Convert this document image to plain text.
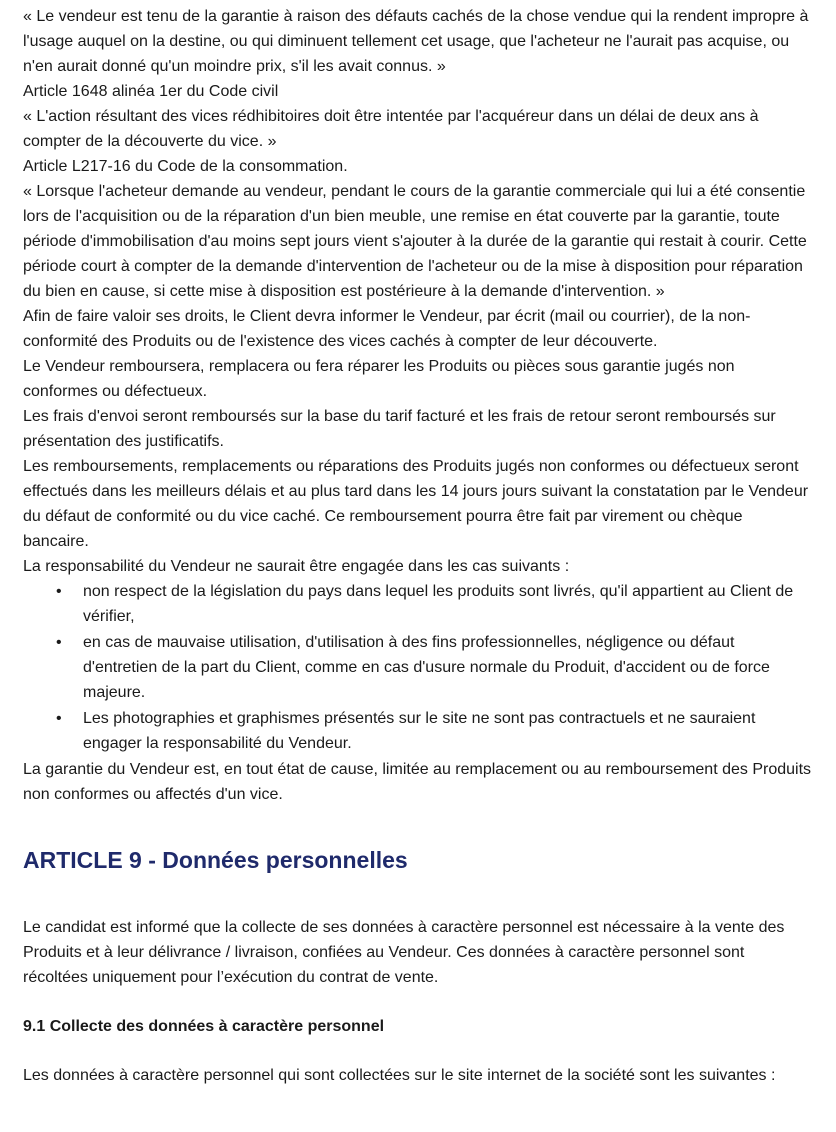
« Le vendeur est tenu de la garantie à raison des défauts cachés de la chose vendue qui la rendent impropre à l'usage auquel on la destine, ou qui diminuent tellement cet usage, que l'acheteur ne l'aurait pas acquise, ou n'en aurait donné qu'un moindre prix, s'il les avait connus. »

Article 1648 alinéa 1er du Code civil

« L'action résultant des vices rédhibitoires doit être intentée par l'acquéreur dans un délai de deux ans à compter de la découverte du vice. »

Article L217-16 du Code de la consommation.

« Lorsque l'acheteur demande au vendeur, pendant le cours de la garantie commerciale qui lui a été consentie lors de l'acquisition ou de la réparation d'un bien meuble, une remise en état couverte par la garantie, toute période d'immobilisation d'au moins sept jours vient s'ajouter à la durée de la garantie qui restait à courir. Cette période court à compter de la demande d'intervention de l'acheteur ou de la mise à disposition pour réparation du bien en cause, si cette mise à disposition est postérieure à la demande d'intervention. »

Afin de faire valoir ses droits, le Client devra informer le Vendeur, par écrit (mail ou courrier), de la non-conformité des Produits ou de l'existence des vices cachés à compter de leur découverte.

Le Vendeur remboursera, remplacera ou fera réparer les Produits ou pièces sous garantie jugés non conformes ou défectueux.

Les frais d'envoi seront remboursés sur la base du tarif facturé et les frais de retour seront remboursés sur présentation des justificatifs.

Les remboursements, remplacements ou réparations des Produits jugés non conformes ou défectueux seront effectués dans les meilleurs délais et au plus tard dans les 14 jours jours suivant la constatation par le Vendeur du défaut de conformité ou du vice caché. Ce remboursement pourra être fait par virement ou chèque bancaire.

La responsabilité du Vendeur ne saurait être engagée dans les cas suivants :

• non respect de la législation du pays dans lequel les produits sont livrés, qu'il appartient au Client de vérifier,
• en cas de mauvaise utilisation, d'utilisation à des fins professionnelles, négligence ou défaut d'entretien de la part du Client, comme en cas d'usure normale du Produit, d'accident ou de force majeure.
• Les photographies et graphismes présentés sur le site ne sont pas contractuels et ne sauraient engager la responsabilité du Vendeur.

La garantie du Vendeur est, en tout état de cause, limitée au remplacement ou au remboursement des Produits non conformes ou affectés d'un vice.

ARTICLE 9 - Données personnelles

Le candidat est informé que la collecte de ses données à caractère personnel est nécessaire à la vente des Produits et à leur délivrance / livraison, confiées au Vendeur. Ces données à caractère personnel sont récoltées uniquement pour l’exécution du contrat de vente.

9.1 Collecte des données à caractère personnel

Les données à caractère personnel qui sont collectées sur le site internet de la société sont les suivantes :
